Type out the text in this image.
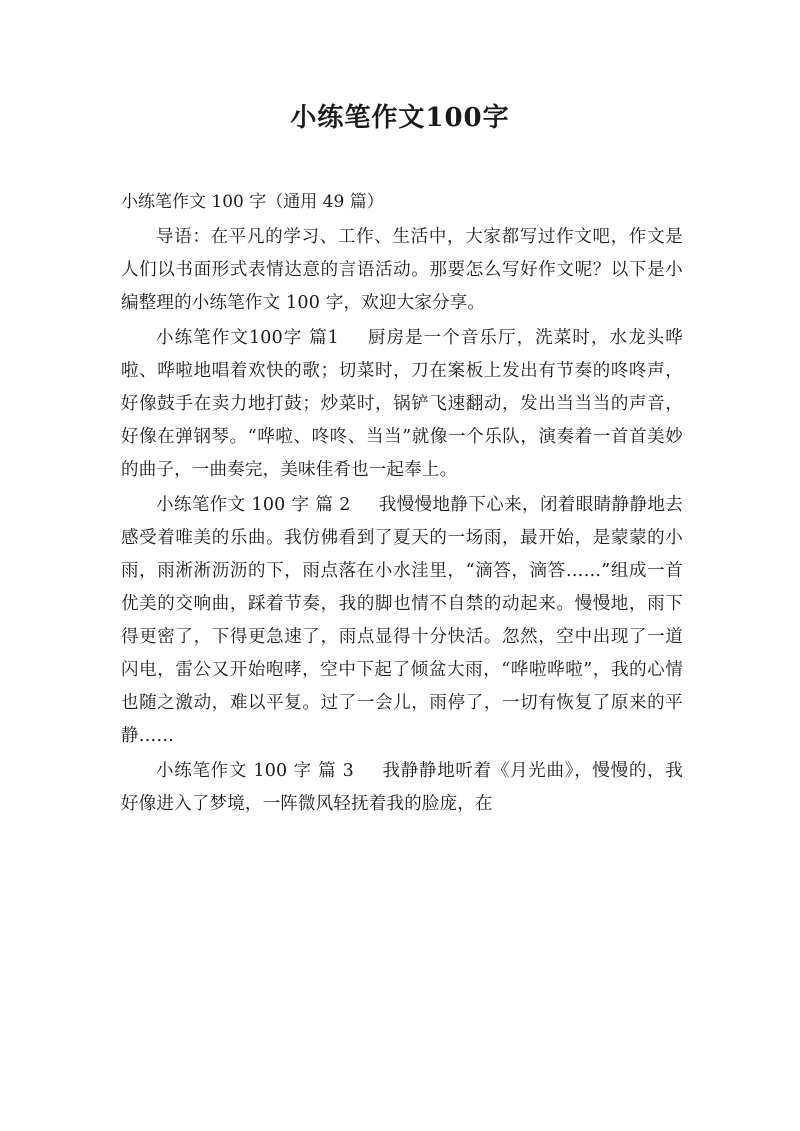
小练笔作文100字

小练笔作文 100 字（通用 49 篇）

导语：在平凡的学习、工作、生活中，大家都写过作文吧，作文是人们以书面形式表情达意的言语活动。那要怎么写好作文呢？以下是小编整理的小练笔作文 100 字，欢迎大家分享。

小练笔作文100字 篇1 厨房是一个音乐厅，洗菜时，水龙头哗啦、哗啦地唱着欢快的歌；切菜时，刀在案板上发出有节奏的咚咚声，好像鼓手在卖力地打鼓；炒菜时，锅铲飞速翻动，发出当当当的声音，好像在弹钢琴。“哗啦、咚咚、当当”就像一个乐队，演奏着一首首美妙的曲子，一曲奏完，美味佳肴也一起奉上。

小练笔作文 100 字 篇 2 我慢慢地静下心来，闭着眼睛静静地去感受着唯美的乐曲。我仿佛看到了夏天的一场雨，最开始，是蒙蒙的小雨，雨淅淅沥沥的下，雨点落在小水洼里，“滴答，滴答……”组成一首优美的交响曲，踩着节奏，我的脚也情不自禁的动起来。慢慢地，雨下得更密了，下得更急速了，雨点显得十分快活。忽然，空中出现了一道闪电，雷公又开始咆哮，空中下起了倾盆大雨，“哗啦哗啦”，我的心情也随之激动，难以平复。过了一会儿，雨停了，一切有恢复了原来的平静……

小练笔作文 100 字 篇 3 我静静地听着《月光曲》，慢慢的，我好像进入了梦境，一阵微风轻抚着我的脸庞，在
